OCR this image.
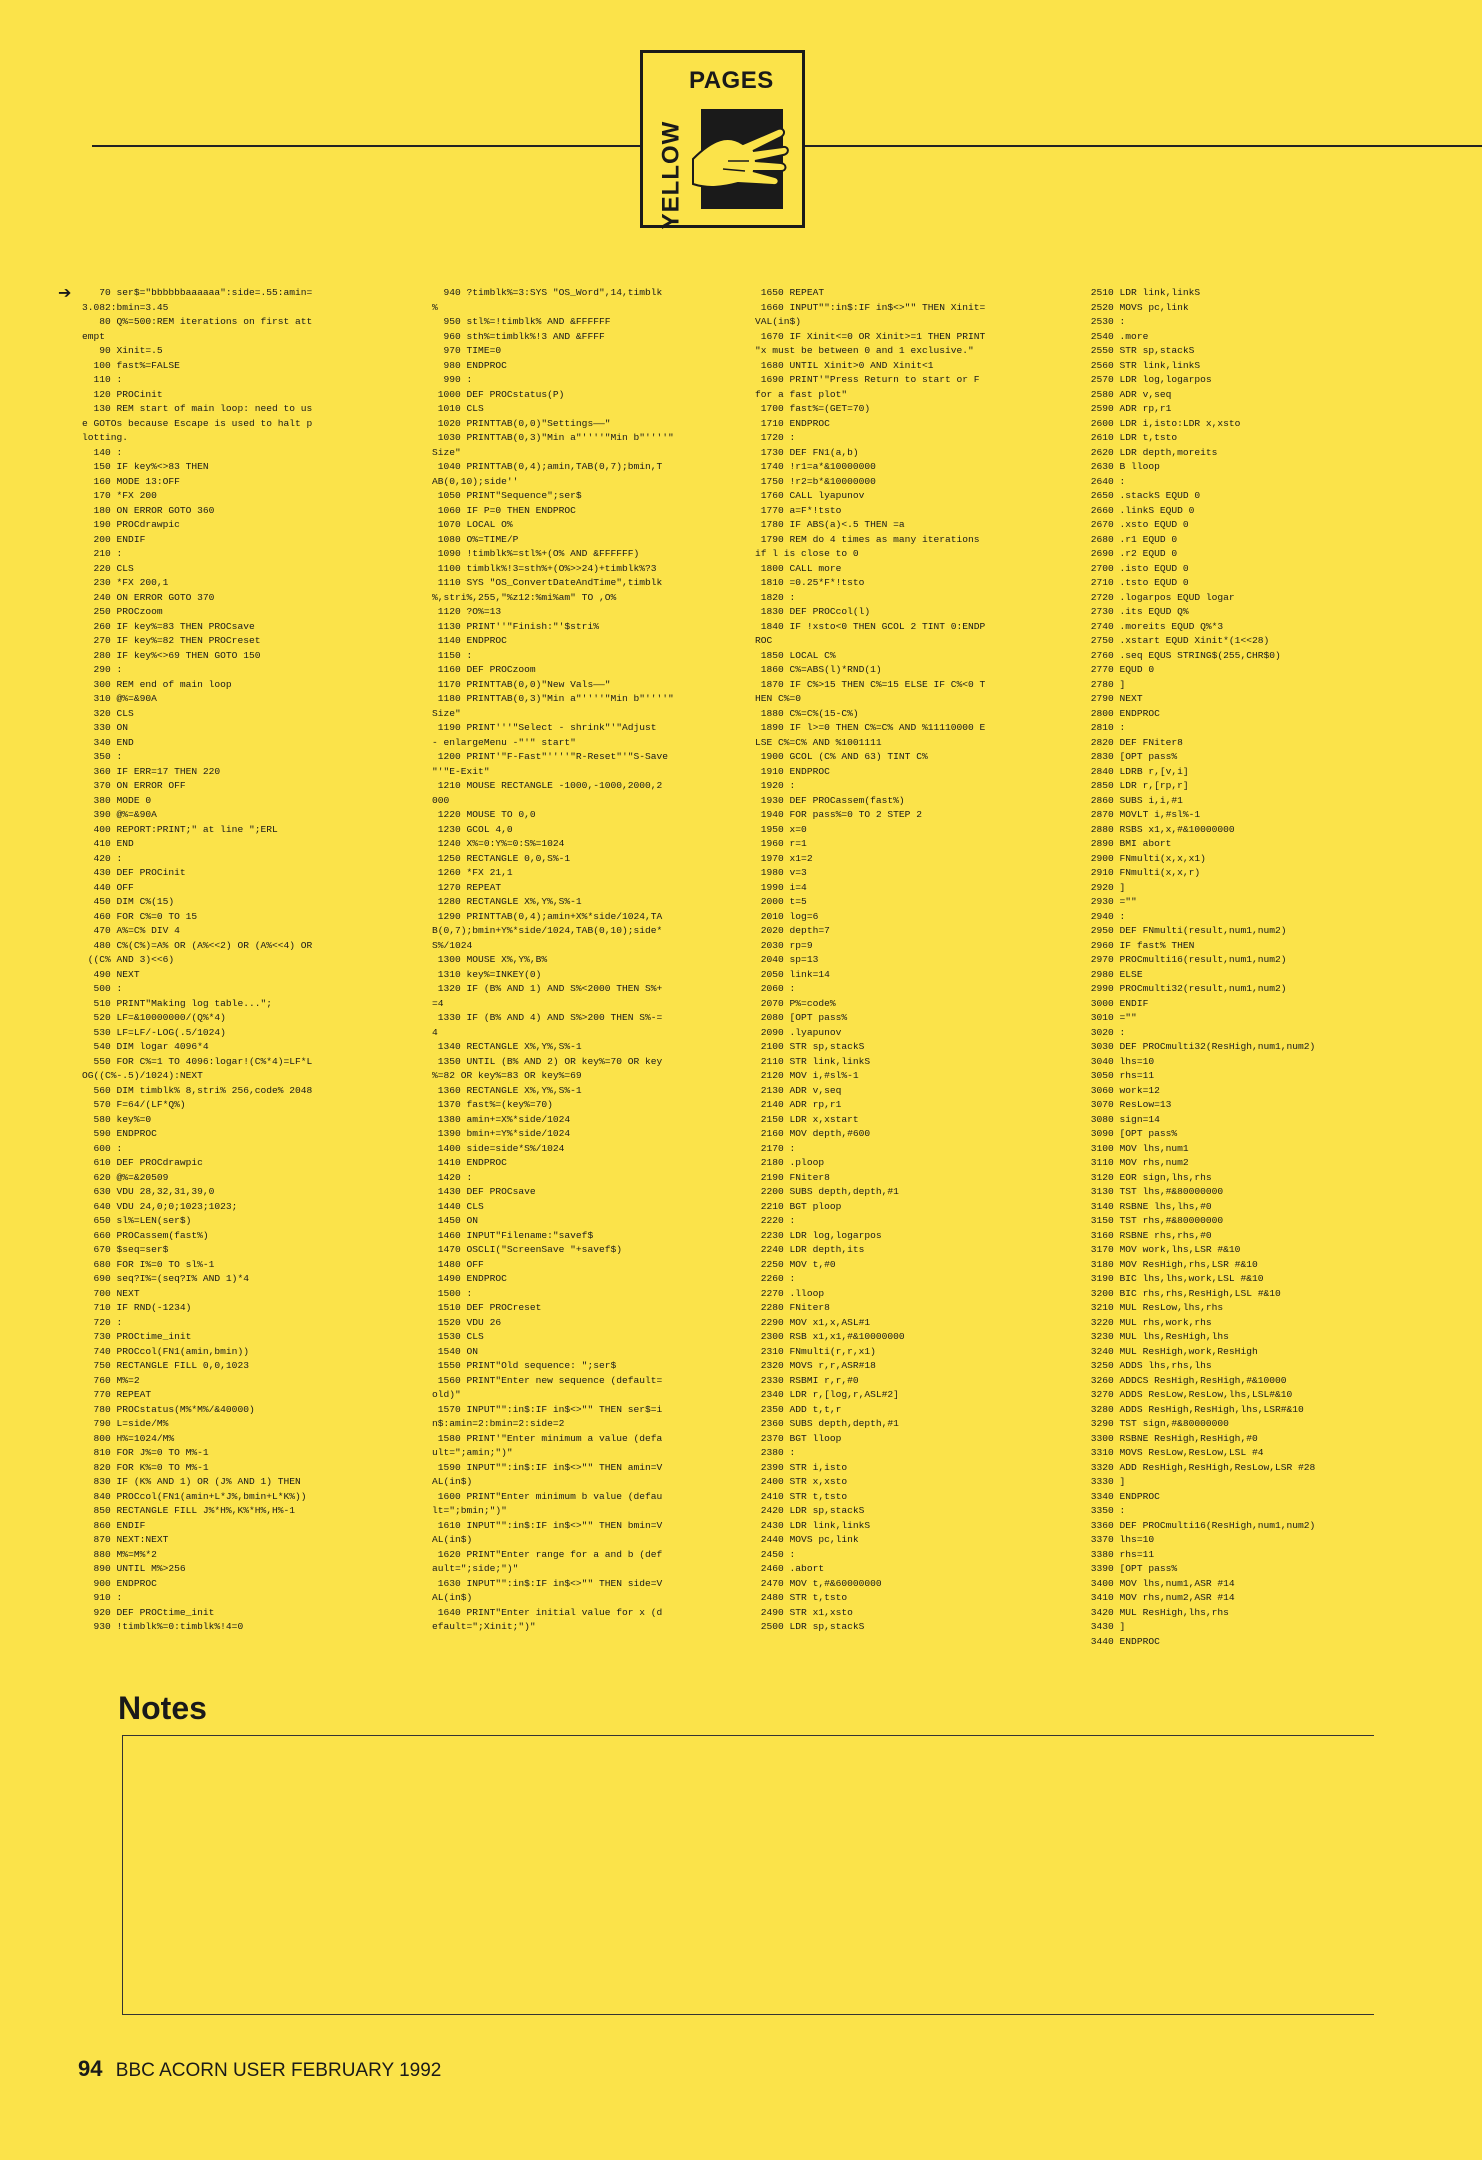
PAGES
YELLOW
➔	70 ser$="bbbbbbaaaaaa":side=.55:amin=
3.082:bmin=3.45
80 Q%=500:REM iterations on first att
empt
90 Xinit=.5
100 fast%=FALSE
110 :
120 PROCinit
130 REM start of main loop: need to us
e GOTOs because Escape is used to halt p
lotting.
140 :
150 IF key%<>83 THEN
160 MODE 13:OFF
170 *FX 200
180 ON ERROR GOTO 360
190 PROCdrawpic
200 ENDIF
210 :
220 CLS
230 *FX 200,1
240 ON ERROR GOTO 370
250 PROCzoom
260 IF key%=83 THEN PROCsave
270 IF key%=82 THEN PROCreset
280 IF key%<>69 THEN GOTO 150
290 :
300 REM end of main loop
310 @%=&90A
320 CLS
330 ON
340 END
350 :
360 IF ERR=17 THEN 220
370 ON ERROR OFF
380 MODE 0
390 @%=&90A
400 REPORT:PRINT;" at line ";ERL
410 END
420 :
430 DEF PROCinit
440 OFF
450 DIM C%(15)
460 FOR C%=0 TO 15
470 A%=C% DIV 4
480 C%(C%)=A% OR (A%<<2) OR (A%<<4) OR
((C% AND 3)<<6)
490 NEXT
500 :
510 PRINT"Making log table...";
520 LF=&10000000/(Q%*4)
530 LF=LF/-LOG(.5/1024)
540 DIM logar 4096*4
550 FOR C%=1 TO 4096:logar!(C%*4)=LF*L
OG((C%-.5)/1024):NEXT
560 DIM timblk% 8,stri% 256,code% 2048
570 F=64/(LF*Q%)
580 key%=0
590 ENDPROC
600 :
610 DEF PROCdrawpic
620 @%=&20509
630 VDU 28,32,31,39,0
640 VDU 24,0;0;1023;1023;
650 sl%=LEN(ser$)
660 PROCassem(fast%)
670 $seq=ser$
680 FOR I%=0 TO sl%-1
690 seq?I%=(seq?I% AND 1)*4
700 NEXT
710 IF RND(-1234)
720 :
730 PROCtime_init
740 PROCcol(FN1(amin,bmin))
750 RECTANGLE FILL 0,0,1023
760 M%=2
770 REPEAT
780 PROCstatus(M%*M%/&40000)
790 L=side/M%
800 H%=1024/M%
810 FOR J%=0 TO M%-1
820 FOR K%=0 TO M%-1
830 IF (K% AND 1) OR (J% AND 1) THEN
840 PROCcol(FN1(amin+L*J%,bmin+L*K%))
850 RECTANGLE FILL J%*H%,K%*H%,H%-1
860 ENDIF
870 NEXT:NEXT
880 M%=M%*2
890 UNTIL M%>256
900 ENDPROC
910 :
920 DEF PROCtime_init
930 !timblk%=0:timblk%!4=0
940 ?timblk%=3:SYS "OS_Word",14,timblk
%
950 stl%=!timblk% AND &FFFFFF
960 sth%=timblk%!3 AND &FFFF
970 TIME=0
980 ENDPROC
990 :
1000 DEF PROCstatus(P)
1010 CLS
1020 PRINTTAB(0,0)"Settings——"
1030 PRINTTAB(0,3)"Min a"''''"Min b"''''"
Size"
1040 PRINTTAB(0,4);amin,TAB(0,7);bmin,T
AB(0,10);side''
1050 PRINT"Sequence";ser$
1060 IF P=0 THEN ENDPROC
1070 LOCAL O%
1080 O%=TIME/P
1090 !timblk%=stl%+(O% AND &FFFFFF)
1100 timblk%!3=sth%+(O%>>24)+timblk%?3
1110 SYS "OS_ConvertDateAndTime",timblk
%,stri%,255,"%z12:%mi%am" TO ,O%
1120 ?O%=13
1130 PRINT''"Finish:"'$stri%
1140 ENDPROC
1150 :
1160 DEF PROCzoom
1170 PRINTTAB(0,0)"New Vals——"
1180 PRINTTAB(0,3)"Min a"''''"Min b"''''"
Size"
1190 PRINT'''"Select - shrink"'"Adjust
- enlargeMenu -"'" start"
1200 PRINT'"F-Fast"''''"R-Reset"'"S-Save
"'"E-Exit"
1210 MOUSE RECTANGLE -1000,-1000,2000,2
000
1220 MOUSE TO 0,0
1230 GCOL 4,0
1240 X%=0:Y%=0:S%=1024
1250 RECTANGLE 0,0,S%-1
1260 *FX 21,1
1270 REPEAT
1280 RECTANGLE X%,Y%,S%-1
1290 PRINTTAB(0,4);amin+X%*side/1024,TA
B(0,7);bmin+Y%*side/1024,TAB(0,10);side*
S%/1024
1300 MOUSE X%,Y%,B%
1310 key%=INKEY(0)
1320 IF (B% AND 1) AND S%<2000 THEN S%+
=4
1330 IF (B% AND 4) AND S%>200 THEN S%-=
4
1340 RECTANGLE X%,Y%,S%-1
1350 UNTIL (B% AND 2) OR key%=70 OR key
%=82 OR key%=83 OR key%=69
1360 RECTANGLE X%,Y%,S%-1
1370 fast%=(key%=70)
1380 amin+=X%*side/1024
1390 bmin+=Y%*side/1024
1400 side=side*S%/1024
1410 ENDPROC
1420 :
1430 DEF PROCsave
1440 CLS
1450 ON
1460 INPUT"Filename:"savef$
1470 OSCLI("ScreenSave "+savef$)
1480 OFF
1490 ENDPROC
1500 :
1510 DEF PROCreset
1520 VDU 26
1530 CLS
1540 ON
1550 PRINT"Old sequence: ";ser$
1560 PRINT"Enter new sequence (default=
old)"
1570 INPUT"":in$:IF in$<>"" THEN ser$=i
n$:amin=2:bmin=2:side=2
1580 PRINT'"Enter minimum a value (defa
ult=";amin;")"
1590 INPUT"":in$:IF in$<>"" THEN amin=V
AL(in$)
1600 PRINT"Enter minimum b value (defau
lt=";bmin;")"
1610 INPUT"":in$:IF in$<>"" THEN bmin=V
AL(in$)
1620 PRINT"Enter range for a and b (def
ault=";side;")"
1630 INPUT"":in$:IF in$<>"" THEN side=V
AL(in$)
1640 PRINT"Enter initial value for x (d
efault=";Xinit;")"
1650 REPEAT
1660 INPUT"":in$:IF in$<>"" THEN Xinit=
VAL(in$)
1670 IF Xinit<=0 OR Xinit>=1 THEN PRINT
"x must be between 0 and 1 exclusive."
1680 UNTIL Xinit>0 AND Xinit<1
1690 PRINT'"Press Return to start or F
for a fast plot"
1700 fast%=(GET=70)
1710 ENDPROC
1720 :
1730 DEF FN1(a,b)
1740 !r1=a*&10000000
1750 !r2=b*&10000000
1760 CALL lyapunov
1770 a=F*!tsto
1780 IF ABS(a)<.5 THEN =a
1790 REM do 4 times as many iterations
if l is close to 0
1800 CALL more
1810 =0.25*F*!tsto
1820 :
1830 DEF PROCcol(l)
1840 IF !xsto<0 THEN GCOL 2 TINT 0:ENDP
ROC
1850 LOCAL C%
1860 C%=ABS(l)*RND(1)
1870 IF C%>15 THEN C%=15 ELSE IF C%<0 T
HEN C%=0
1880 C%=C%(15-C%)
1890 IF l>=0 THEN C%=C% AND %11110000 E
LSE C%=C% AND %1001111
1900 GCOL (C% AND 63) TINT C%
1910 ENDPROC
1920 :
1930 DEF PROCassem(fast%)
1940 FOR pass%=0 TO 2 STEP 2
1950 x=0
1960 r=1
1970 x1=2
1980 v=3
1990 i=4
2000 t=5
2010 log=6
2020 depth=7
2030 rp=9
2040 sp=13
2050 link=14
2060 :
2070 P%=code%
2080 [OPT pass%
2090 .lyapunov
2100 STR sp,stackS
2110 STR link,linkS
2120 MOV i,#sl%-1
2130 ADR v,seq
2140 ADR rp,r1
2150 LDR x,xstart
2160 MOV depth,#600
2170 :
2180 .ploop
2190 FNiter8
2200 SUBS depth,depth,#1
2210 BGT ploop
2220 :
2230 LDR log,logarpos
2240 LDR depth,its
2250 MOV t,#0
2260 :
2270 .lloop
2280 FNiter8
2290 MOV x1,x,ASL#1
2300 RSB x1,x1,#&10000000
2310 FNmulti(r,r,x1)
2320 MOVS r,r,ASR#18
2330 RSBMI r,r,#0
2340 LDR r,[log,r,ASL#2]
2350 ADD t,t,r
2360 SUBS depth,depth,#1
2370 BGT lloop
2380 :
2390 STR i,isto
2400 STR x,xsto
2410 STR t,tsto
2420 LDR sp,stackS
2430 LDR link,linkS
2440 MOVS pc,link
2450 :
2460 .abort
2470 MOV t,#&60000000
2480 STR t,tsto
2490 STR x1,xsto
2500 LDR sp,stackS
2510 LDR link,linkS
2520 MOVS pc,link
2530 :
2540 .more
2550 STR sp,stackS
2560 STR link,linkS
2570 LDR log,logarpos
2580 ADR v,seq
2590 ADR rp,r1
2600 LDR i,isto:LDR x,xsto
2610 LDR t,tsto
2620 LDR depth,moreits
2630 B lloop
2640 :
2650 .stackS EQUD 0
2660 .linkS EQUD 0
2670 .xsto EQUD 0
2680 .r1 EQUD 0
2690 .r2 EQUD 0
2700 .isto EQUD 0
2710 .tsto EQUD 0
2720 .logarpos EQUD logar
2730 .its EQUD Q%
2740 .moreits EQUD Q%*3
2750 .xstart EQUD Xinit*(1<<28)
2760 .seq EQUS STRING$(255,CHR$0)
2770 EQUD 0
2780 ]
2790 NEXT
2800 ENDPROC
2810 :
2820 DEF FNiter8
2830 [OPT pass%
2840 LDRB r,[v,i]
2850 LDR r,[rp,r]
2860 SUBS i,i,#1
2870 MOVLT i,#sl%-1
2880 RSBS x1,x,#&10000000
2890 BMI abort
2900 FNmulti(x,x,x1)
2910 FNmulti(x,x,r)
2920 ]
2930 =""
2940 :
2950 DEF FNmulti(result,num1,num2)
2960 IF fast% THEN
2970 PROCmulti16(result,num1,num2)
2980 ELSE
2990 PROCmulti32(result,num1,num2)
3000 ENDIF
3010 =""
3020 :
3030 DEF PROCmulti32(ResHigh,num1,num2)
3040 lhs=10
3050 rhs=11
3060 work=12
3070 ResLow=13
3080 sign=14
3090 [OPT pass%
3100 MOV lhs,num1
3110 MOV rhs,num2
3120 EOR sign,lhs,rhs
3130 TST lhs,#&80000000
3140 RSBNE lhs,lhs,#0
3150 TST rhs,#&80000000
3160 RSBNE rhs,rhs,#0
3170 MOV work,lhs,LSR #&10
3180 MOV ResHigh,rhs,LSR #&10
3190 BIC lhs,lhs,work,LSL #&10
3200 BIC rhs,rhs,ResHigh,LSL #&10
3210 MUL ResLow,lhs,rhs
3220 MUL rhs,work,rhs
3230 MUL lhs,ResHigh,lhs
3240 MUL ResHigh,work,ResHigh
3250 ADDS lhs,rhs,lhs
3260 ADDCS ResHigh,ResHigh,#&10000
3270 ADDS ResLow,ResLow,lhs,LSL#&10
3280 ADDS ResHigh,ResHigh,lhs,LSR#&10
3290 TST sign,#&80000000
3300 RSBNE ResHigh,ResHigh,#0
3310 MOVS ResLow,ResLow,LSL #4
3320 ADD ResHigh,ResHigh,ResLow,LSR #28
3330 ]
3340 ENDPROC
3350 :
3360 DEF PROCmulti16(ResHigh,num1,num2)
3370 lhs=10
3380 rhs=11
3390 [OPT pass%
3400 MOV lhs,num1,ASR #14
3410 MOV rhs,num2,ASR #14
3420 MUL ResHigh,lhs,rhs
3430 ]
3440 ENDPROC
Notes
94 BBC ACORN USER FEBRUARY 1992
